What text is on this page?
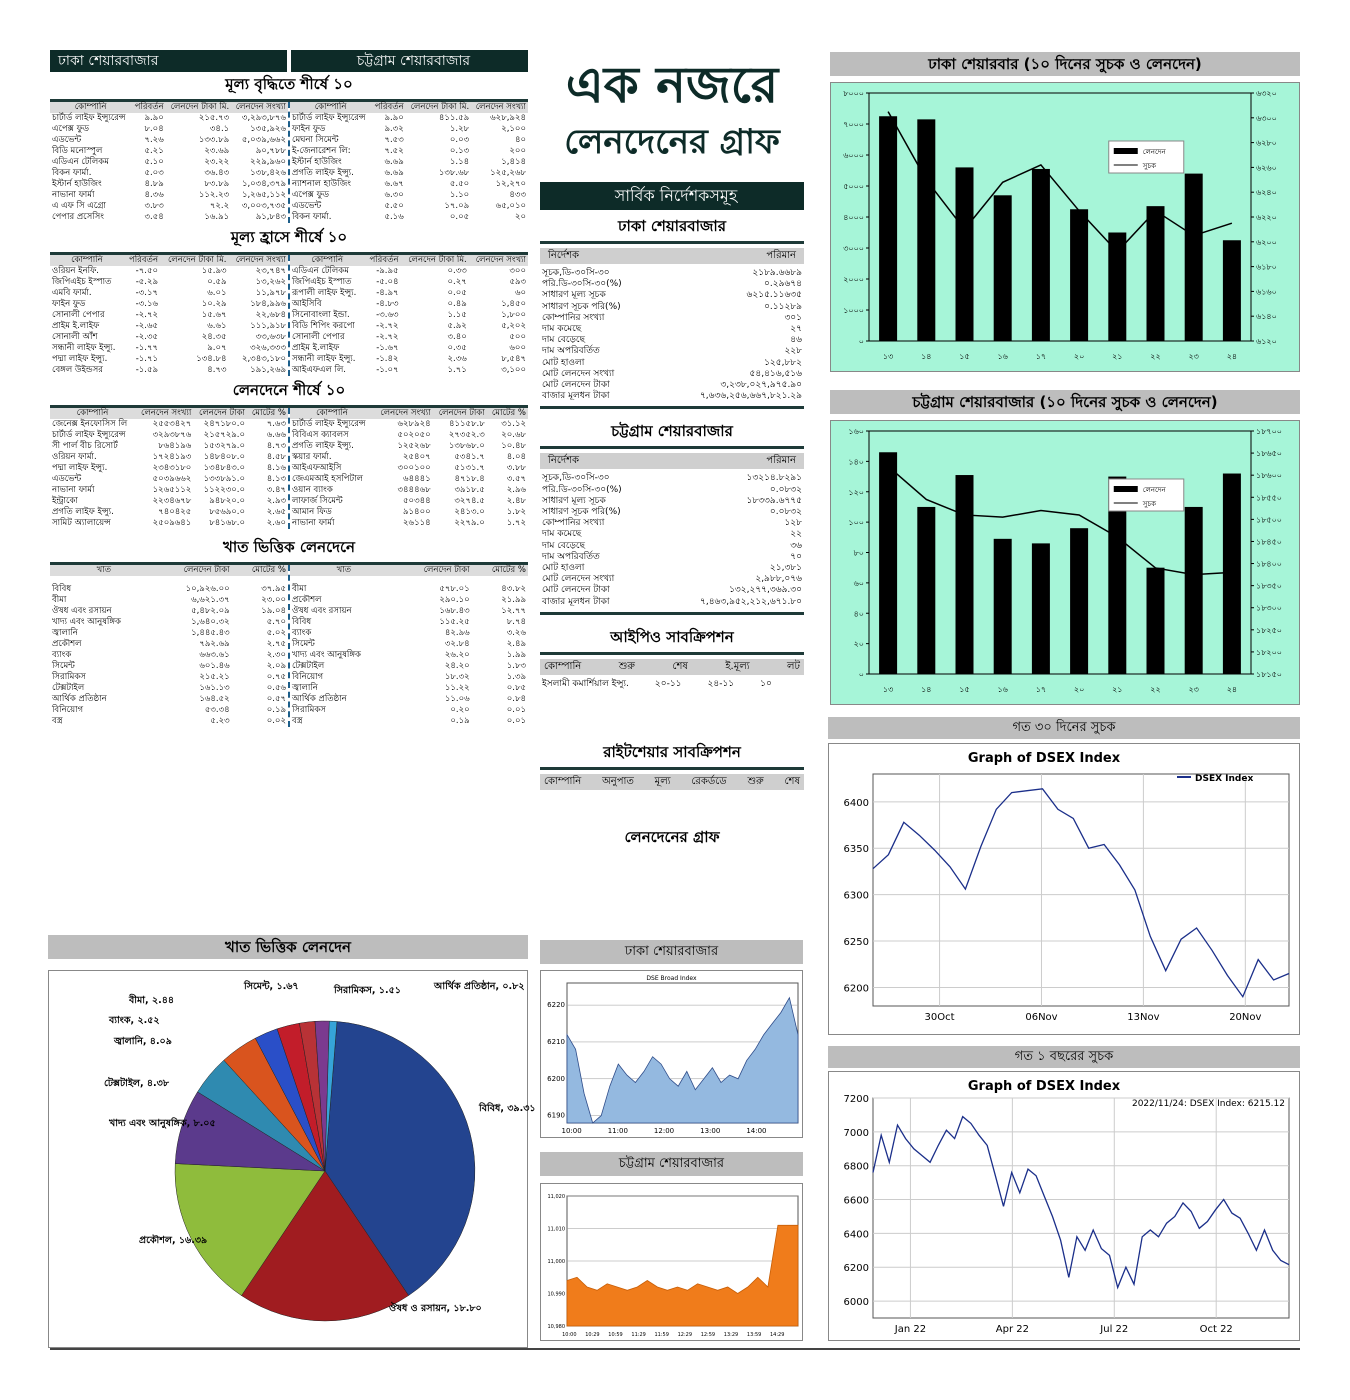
ঢাকা শেয়ারবাজার	চট্টগ্রাম শেয়ারবাজার
মূল্য বৃদ্ধিতে শীর্ষে ১০
কোম্পানি	পরিবর্তন	লেনদেন টাকা মি.	লেনদেন সংখ্যা
চার্টার্ড লাইফ ইন্স্যুরেন্স	৯.৯০	২১৫.৭৩	৩,২৯৩,৮৭৬
এপেক্স ফুড	৮.০৪	৩৪.১	১৩৫,৯২৬
এডভেন্ট	৭.২৬	১৩৩.৮৯	৫,০৩৯,৬৬২
বিডি মনোস্পুল	৫.২১	২৩.৬৯	৯০,৭৮৮
এডিএন টেলিকম	৫.১০	২৩.২২	২২৯,৯৬০
বিকন ফার্মা.	৫.০৩	৩৬.৪৩	১৩৮,৪২৬
ইস্টার্ন হাউজিং	৪.৮৯	৮৩.৮৯	১,০৩৪,৩৭৯
নাভানা ফার্মা	৪.৩৬	১১২.২৩	১,২৬৫,১১২
এ এফ সি এগ্রো	৩.৮৩	৭২.২	৩,০০৩,৭৩৫
পেপার প্রসেসিং	৩.৫৪	১৬.৯১	৯১,৮৪৩
কোম্পানি	পরিবর্তন	লেনদেন টাকা মি.	লেনদেন সংখ্যা
চার্টার্ড লাইফ ইন্স্যুরেন্স	৯.৯০	৪১১.৫৯	৬২৮,৯২৪
ফাইন ফুড	৯.৩২	১.২৮	২,১০০
মেঘনা সিমেন্ট	৭.৫৩	০.০৩	৪০
ই-জেনারেশন লি:	৭.৫২	০.১৩	২০০
ইস্টার্ন হাউজিং	৬.৬৯	১.১৪	১,৪১৪
প্রগতি লাইফ ইন্স্যু.	৬.৬৯	১৩৮.৬৮	১২৫,২৬৮
ন্যাশনাল হাউজিং	৬.৬৭	৫.৫০	১২,২৭০
এপেক্স ফুড	৬.৩০	১.১০	৪৩৩
এডভেন্ট	৫.৫০	১৭.০৯	৬৫,০১০
বিকন ফার্মা.	৫.১৬	০.০৫	২০
মূল্য হ্রাসে শীর্ষে ১০
কোম্পানি	পরিবর্তন	লেনদেন টাকা মি.	লেনদেন সংখ্যা
ওরিয়ন ইনফি.	-৭.৫০	১৫.৯৩	২৩,৭৪৭
জিপিএইচ ইস্পাত	-৫.২৯	০.৫৯	১৩,২৬২
এমবি ফার্মা.	-৩.১৭	৬.০১	১১,৯৭৮
ফাইন ফুড	-৩.১৬	১০.২৯	১৮৪,৯৯৬
সোনালী পেপার	-২.৭২	১৫.৬৭	২২,৬৮৪
প্রাইম ই.লাইফ	-২.৬৫	৬.৬১	১১১,৯১৮
সোনালী আঁশ	-২.৩৫	২৪.৩৫	৩৩,৬৩৮
সন্ধানী লাইফ ইন্স্যু.	-১.৭৭	৯.০৭	৩২৬,৩৩৩
পদ্মা লাইফ ইন্স্যু.	-১.৭১	১৩৪.৮৪	২,৩৪৩,১৮০
বেঙ্গল উইন্ডসর	-১.৫৯	৪.৭৩	১৯১,২৬৯
কোম্পানি	পরিবর্তন	লেনদেন টাকা মি.	লেনদেন সংখ্যা
এডিএন টেলিকম	-৯.৯৫	০.৩৩	৩০০
জিপিএইচ ইস্পাত	-৫.০৪	০.২৭	৫৯৩
রূপালী লাইফ ইন্স্যু.	-৪.৯৭	০.০৫	৬০
আইসিবি	-৪.৮৩	০.৪৯	১,৪৫০
সিনোবাংলা ইন্ডা.	-৩.৬৩	১.১৫	১,৮০০
বিডি শিপিং করপো	-২.৭২	৫.৯২	৫,২০২
সোনালী পেপার	-২.৭২	৩.৪০	৫০০
প্রাইম ই.লাইফ	-১.৬৭	০.৩৫	৬০০
সন্ধানী লাইফ ইন্স্যু.	-১.৪২	২.৩৬	৮,৫৪৭
আইএফএল লি.	-১.০৭	১.৭১	৩,১০০
লেনদেনে শীর্ষে ১০
কোম্পানি	লেনদেন সংখ্যা	লেনদেন টাকা	মোটের %
জেনেক্স ইনফোসিস লি	২৫৫৩৪২৭	২৪৭১৮০.০	৭.৬৩
চার্টার্ড লাইফ ইন্স্যুরেন্স	৩২৯৩৮৭৬	২১৫৭২৯.০	৬.৬৬
সী পার্ল বীচ রিসোর্ট	৮৬৪১৯৬	১৫৩২৭৯.০	৪.৭৩
ওরিয়ন ফার্মা.	১৭২৪১৯৩	১৪৮৪০৮.০	৪.৫৮
পদ্মা লাইফ ইন্স্যু.	২৩৪৩১৮০	১৩৪৮৪৩.০	৪.১৬
এডভেন্ট	৫০৩৯৬৬২	১৩৩৮৯১.০	৪.১৩
নাভানা ফার্মা	১২৬৫১১২	১১২২৩০.০	৩.৪৭
ইন্ট্রাকো	২২৩৪৬৭৮	৯৪৮২০.০	২.৯৩
প্রগতি লাইফ ইন্স্যু.	৭৪০৪২৫	৮৫৬৯০.০	২.৬৫
সামিট অ্যালায়েন্স	২৫০৯৬৪১	৮৪১৬৮.০	২.৬০
কোম্পানি	লেনদেন সংখ্যা	লেনদেন টাকা	মোটের %
চার্টার্ড লাইফ ইন্স্যুরেন্স	৬২৮৯২৪	৪১১৫৮.৮	৩১.১২
বিবিএস ক্যাবলস	৫০২০৫০	২৭৩৫২.৩	২০.৬৮
প্রগতি লাইফ ইন্স্যু.	১২৫২৬৮	১৩৮৬৮.০	১০.৪৮
স্কয়ার ফার্মা.	২৫৪০৭	৫৩৪১.৭	৪.০৪
আইএফআইসি	৩০০১০০	৫১৩১.৭	৩.৮৮
জেএমআই হসপিটাল	৬৪৪৪১	৪৭১৮.৪	৩.৫৭
ওয়ান ব্যাংক	৩৪৪৪৬৮	৩৯১৮.৫	২.৯৬
লাফার্জ সিমেন্ট	৫০৩৪৪	৩২৭৪.৫	২.৪৮
আমান ফিড	৯১৪০০	২৪১৩.০	১.৮২
নাভানা ফার্মা	২৬১১৪	২২৭৯.০	১.৭২
খাত ভিত্তিক লেনদেনে
খাত	লেনদেন টাকা	মোটের %

বিবিধ	১০,৯২৬.০০	৩৭.৯৫
বীমা	৬,৬২১.৩৭	২৩.০০
ঔষধ এবং রসায়ন	৫,৪৮২.০৯	১৯.০৪
খাদ্য এবং আনুষঙ্গিক	১,৬৪০.৩২	৫.৭০
জ্বালানি	১,৪৪৫.৪৩	৫.০২
প্রকৌশল	৭৯২.৬৯	২.৭৫
ব্যাংক	৬৬৩.৬১	২.৩০
সিমেন্ট	৬০১.৪৬	২.০৯
সিরামিকস	২১৫.২১	০.৭৫
টেক্সটাইল	১৬১.১৩	০.৫৬
আর্থিক প্রতিষ্ঠান	১৬৪.৫২	০.৫৭
বিনিয়োগ	৫৩.৩৪	০.১৯
বস্ত্র	৫.২৩	০.০২
খাত	লেনদেন টাকা	মোটের %

বীমা	৫৭৮.০১	৪৩.৮২
প্রকৌশল	২৯০.১০	২১.৯৯
ঔষধ এবং রসায়ন	১৬৮.৪৩	১২.৭৭
বিবিধ	১১৫.২৫	৮.৭৪
ব্যাংক	৪২.৯৬	৩.২৬
সিমেন্ট	৩২.৮৪	২.৪৯
খাদ্য এবং আনুষঙ্গিক	২৬.২০	১.৯৯
টেক্সটাইল	২৪.২০	১.৮৩
বিনিয়োগ	১৮.৩২	১.৩৯
জ্বালানি	১১.২২	০.৮৫
আর্থিক প্রতিষ্ঠান	১১.০৬	০.৮৪
সিরামিকস	০.২০	০.০১
বস্ত্র	০.১৯	০.০১
খাত ভিত্তিক লেনদেন
বিবিধ, ৩৯.৩১
ঔষধ ও রসায়ন, ১৮.৮০
প্রকৌশল, ১৬.৩৯
খাদ্য এবং আনুষঙ্গিক, ৮.০৫
টেক্সটাইল, ৪.৩৮
জ্বালানি, ৪.০৯
ব্যাংক, ২.৫২
বীমা, ২.৪৪
সিমেন্ট, ১.৬৭	সিরামিকস, ১.৫১	আর্থিক প্রতিষ্ঠান, ০.৮২
এক নজরে
লেনদেনের গ্রাফ
সার্বিক নির্দেশকসমূহ
ঢাকা শেয়ারবাজার
নির্দেশক	পরিমান
সূচক,ডি-৩০সি-৩০	২১৮৯.৬৬৮৯
পরি.ডি-৩০সি-৩০(%)	০.২৯৬৭৪
সাধারণ মূল্য সূচক	৬২১৫.১১৬৩৫
সাধারণ সূচক পরি(%)	০.১১২৮৯
কোম্পানির সংখ্যা	৩০১
দাম কমেছে	২৭
দাম বেড়েছে	৪৬
দাম অপরিবর্তিত	২২৮
মোট হাওলা	১২৫,৮৮২
মোট লেনদেন সংখ্যা	৫৪,৪১৬,৫১৬
মোট লেনদেন টাকা	৩,২৩৮,০২৭,৯৭৫.৯০
বাজার মূলধন টাকা	৭,৬৩৬,২৫৬,৬৬৭,৮২১.২৯
চট্টগ্রাম শেয়ারবাজার
নির্দেশক	পরিমান
সূচক,ডি-৩০সি-৩০	১৩২১৪.৮২৯১
পরি.ডি-৩০সি-৩০(%)	০.০৮৩২
সাধারণ মূল্য সূচক	১৮৩৩৯.৬৭৭৫
সাধারণ সূচক পরি(%)	০.০৮৩২
কোম্পানির সংখ্যা	১২৮
দাম কমেছে	২২
দাম বেড়েছে	৩৬
দাম অপরিবর্তিত	৭০
মোট হাওলা	২১,৩৮১
মোট লেনদেন সংখ্যা	২,৯৮৮,০৭৬
মোট লেনদেন টাকা	১৩২,২৭৭,৩৬৯.৩০
বাজার মূলধন টাকা	৭,৪৬৩,৯৫২,২১২,৬৭১.৮০
আইপিও সাবক্রিপশন
কোম্পানি	শুরু	শেষ	ই.মূল্য	লট
ইসলামী কমার্শিয়াল ইন্স্যু.	২০-১১	২৪-১১	১০
রাইটশেয়ার সাবক্রিপশন
কোম্পানি অনুপাত মূল্য রেকর্ডডে শুরু শেষ
লেনদেনের গ্রাফ
ঢাকা শেয়ারবাজার
DSE Broad Index
6190
6200
6210
6220
10:00	11:00	12:00	13:00	14:00
চট্টগ্রাম শেয়ারবাজার
10,980
10,990
11,000
11,010
11,020
10:00 10:29 10:59 11:29 11:59 12:29 12:59 13:29 13:59 14:29
ঢাকা শেয়ারবার (১০ দিনের সুচক ও লেনদেন)
০
১০০০
২০০০
৩০০০
৪০০০
৫০০০
৬০০০
৭০০০
৮০০০
৬১২০
৬১৪০
৬১৬০
৬১৮০
৬২০০
৬২২০
৬২৪০
৬২৬০
৬২৮০
৬৩০০
৬৩২০
১৩	১৪	১৫	১৬	১৭	২০	২১	২২	২৩	২৪
লেনদেন
সুচক
চট্টগ্রাম শেয়ারবাজার (১০ দিনের সুচক ও লেনদেন)
০
২০
৪০
৬০
৮০
১০০
১২০
১৪০
১৬০
১৮১৫০
১৮২০০
১৮২৫০
১৮৩০০
১৮৩৫০
১৮৪০০
১৮৪৫০
১৮৫০০
১৮৫৫০
১৮৬০০
১৮৬৫০
১৮৭০০
১৩	১৪	১৫	১৬	১৭	২০	২১	২২	২৩	২৪
লেনদেন
সুচক
গত ৩০ দিনের সুচক
Graph of DSEX Index
6200
6250
6300
6350
6400
30Oct	06Nov	13Nov	20Nov
DSEX Index
গত ১ বছরের সুচক
Graph of DSEX Index
6000
6200
6400
6600
6800
7000
7200
Jan 22	Apr 22	Jul 22	Oct 22
2022/11/24: DSEX Index: 6215.12
